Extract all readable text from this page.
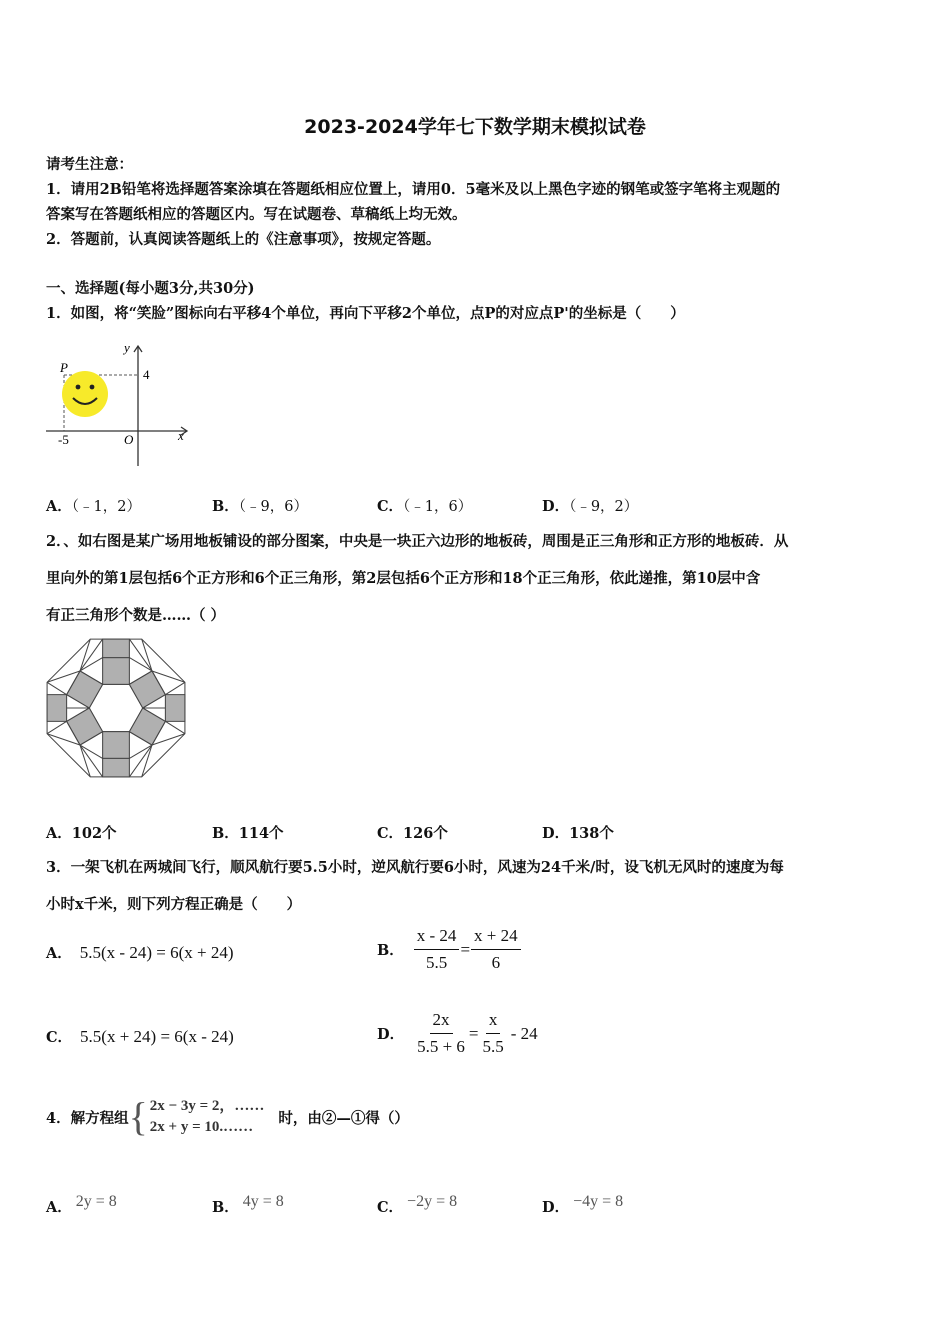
2023-2024学年七下数学期末模拟试卷
请考生注意：
1．请用2B铅笔将选择题答案涂填在答题纸相应位置上，请用0．5毫米及以上黑色字迹的钢笔或签字笔将主观题的
答案写在答题纸相应的答题区内。写在试题卷、草稿纸上均无效。
2．答题前，认真阅读答题纸上的《注意事项》，按规定答题。
一、选择题(每小题3分,共30分)
1．如图，将“笑脸”图标向右平移4个单位，再向下平移2个单位，点P的对应点P'的坐标是（　　）
P
y
4
x
-5	O
A．（﹣1，2）	B．（﹣9，6）	C．（﹣1，6）	D．（﹣9，2）
2．、如右图是某广场用地板铺设的部分图案，中央是一块正六边形的地板砖，周围是正三角形和正方形的地板砖．从
里向外的第1层包括6个正方形和6个正三角形，第2层包括6个正方形和18个正三角形，依此递推，第10层中含
有正三角形个数是……（ ）
A．102个	B．114个	C．126个	D．138个
3．一架飞机在两城间飞行，顺风航行要5.5小时，逆风航行要6小时，风速为24千米/时，设飞机无风时的速度为每
小时x千米，则下列方程正确是（　　）
A． 5.5(x - 24) = 6(x + 24)	B． $\frac{x - 24}{5.5} = \frac{x + 24}{6}$
C． 5.5(x + 24) = 6(x - 24)	D． $\frac{2x}{5.5 + 6} = \frac{x}{5.5} - 24$
4．解方程组 { 2x − 3y = 2，……
2x + y = 10.……
时，由②—①得（）
A． 2y = 8	B． 4y = 8	C． −2y = 8	D． −4y = 8
